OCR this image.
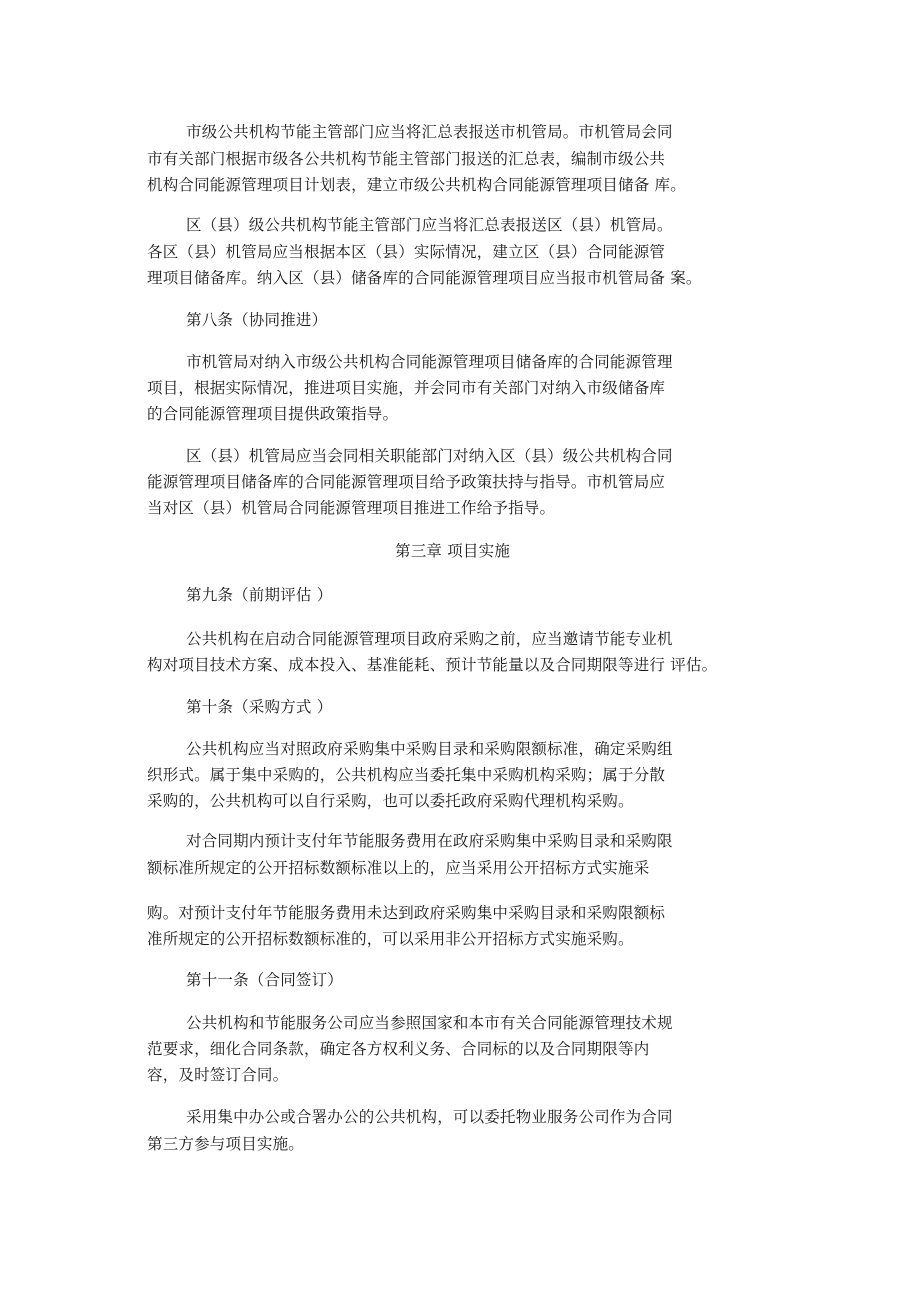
市级公共机构节能主管部门应当将汇总表报送市机管局。市机管局会同
市有关部门根据市级各公共机构节能主管部门报送的汇总表，编制市级公共
机构合同能源管理项目计划表，建立市级公共机构合同能源管理项目储备 库。
区（县）级公共机构节能主管部门应当将汇总表报送区（县）机管局。
各区（县）机管局应当根据本区（县）实际情况，建立区（县）合同能源管
理项目储备库。纳入区（县）储备库的合同能源管理项目应当报市机管局备 案。
第八条（协同推进）
市机管局对纳入市级公共机构合同能源管理项目储备库的合同能源管理
项目，根据实际情况，推进项目实施，并会同市有关部门对纳入市级储备库
的合同能源管理项目提供政策指导。
区（县）机管局应当会同相关职能部门对纳入区（县）级公共机构合同
能源管理项目储备库的合同能源管理项目给予政策扶持与指导。市机管局应
当对区（县）机管局合同能源管理项目推进工作给予指导。
第三章 项目实施
第九条（前期评估 ）
公共机构在启动合同能源管理项目政府采购之前，应当邀请节能专业机
构对项目技术方案、成本投入、基准能耗、预计节能量以及合同期限等进行 评估。
第十条（采购方式 ）
公共机构应当对照政府采购集中采购目录和采购限额标准，确定采购组
织形式。属于集中采购的，公共机构应当委托集中采购机构采购；属于分散
采购的，公共机构可以自行采购，也可以委托政府采购代理机构采购。
对合同期内预计支付年节能服务费用在政府采购集中采购目录和采购限
额标准所规定的公开招标数额标准以上的，应当采用公开招标方式实施采
购。对预计支付年节能服务费用未达到政府采购集中采购目录和采购限额标
准所规定的公开招标数额标准的，可以采用非公开招标方式实施采购。
第十一条（合同签订）
公共机构和节能服务公司应当参照国家和本市有关合同能源管理技术规
范要求，细化合同条款，确定各方权利义务、合同标的以及合同期限等内
容，及时签订合同。
采用集中办公或合署办公的公共机构，可以委托物业服务公司作为合同
第三方参与项目实施。
